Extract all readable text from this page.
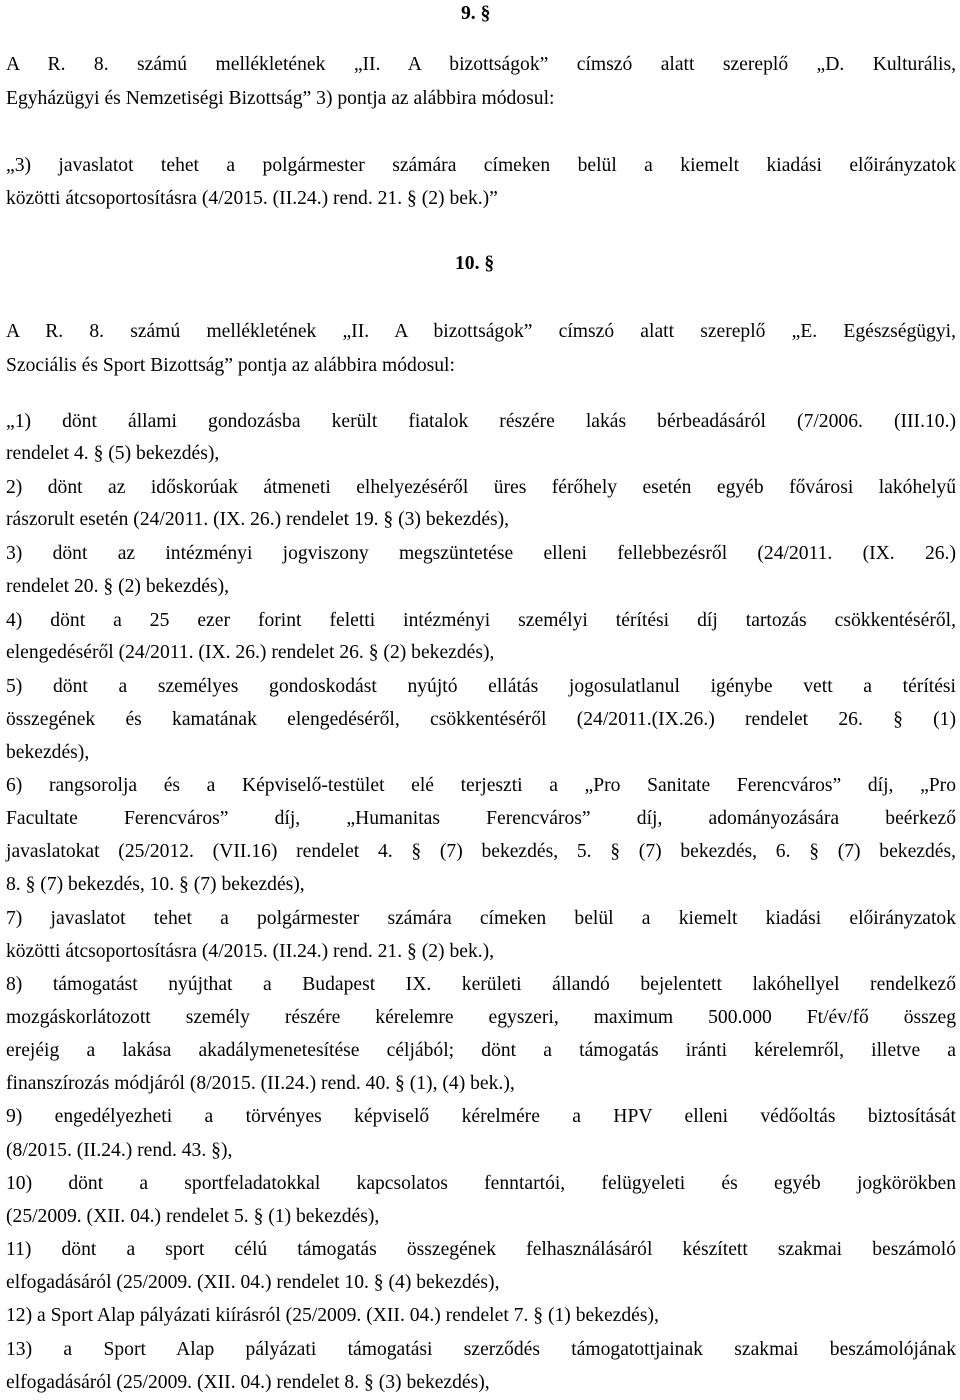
9. §
A R. 8. számú mellékletének „II. A bizottságok” címszó alatt szereplő „D. Kulturális,
Egyházügyi és Nemzetiségi Bizottság” 3) pontja az alábbira módosul:
„3) javaslatot tehet a polgármester számára címeken belül a kiemelt kiadási előirányzatok
közötti átcsoportosításra (4/2015. (II.24.) rend. 21. § (2) bek.)”
10. §
A R. 8. számú mellékletének „II. A bizottságok” címszó alatt szereplő „E. Egészségügyi,
Szociális és Sport Bizottság” pontja az alábbira módosul:
„1) dönt állami gondozásba került fiatalok részére lakás bérbeadásáról (7/2006. (III.10.)
rendelet 4. § (5) bekezdés),
2) dönt az időskorúak átmeneti elhelyezéséről üres férőhely esetén egyéb fővárosi lakóhelyű
rászorult esetén (24/2011. (IX. 26.) rendelet 19. § (3) bekezdés),
3) dönt az intézményi jogviszony megszüntetése elleni fellebbezésről (24/2011. (IX. 26.)
rendelet 20. § (2) bekezdés),
4) dönt a 25 ezer forint feletti intézményi személyi térítési díj tartozás csökkentéséről,
elengedéséről (24/2011. (IX. 26.) rendelet 26. § (2) bekezdés),
5) dönt a személyes gondoskodást nyújtó ellátás jogosulatlanul igénybe vett a térítési
összegének és kamatának elengedéséről, csökkentéséről (24/2011.(IX.26.) rendelet 26. § (1)
bekezdés),
6) rangsorolja és a Képviselő-testület elé terjeszti a „Pro Sanitate Ferencváros” díj, „Pro
Facultate Ferencváros” díj, „Humanitas Ferencváros” díj, adományozására beérkező
javaslatokat (25/2012. (VII.16) rendelet 4. § (7) bekezdés, 5. § (7) bekezdés, 6. § (7) bekezdés,
8. § (7) bekezdés, 10. § (7) bekezdés),
7) javaslatot tehet a polgármester számára címeken belül a kiemelt kiadási előirányzatok
közötti átcsoportosításra (4/2015. (II.24.) rend. 21. § (2) bek.),
8) támogatást nyújthat a Budapest IX. kerületi állandó bejelentett lakóhellyel rendelkező
mozgáskorlátozott személy részére kérelemre egyszeri, maximum 500.000 Ft/év/fő összeg
erejéig a lakása akadálymenetesítése céljából; dönt a támogatás iránti kérelemről, illetve a
finanszírozás módjáról (8/2015. (II.24.) rend. 40. § (1), (4) bek.),
9) engedélyezheti a törvényes képviselő kérelmére a HPV elleni védőoltás biztosítását
(8/2015. (II.24.) rend. 43. §),
10) dönt a sportfeladatokkal kapcsolatos fenntartói, felügyeleti és egyéb jogkörökben
(25/2009. (XII. 04.) rendelet 5. § (1) bekezdés),
11) dönt a sport célú támogatás összegének felhasználásáról készített szakmai beszámoló
elfogadásáról (25/2009. (XII. 04.) rendelet 10. § (4) bekezdés),
12) a Sport Alap pályázati kiírásról (25/2009. (XII. 04.) rendelet 7. § (1) bekezdés),
13) a Sport Alap pályázati támogatási szerződés támogatottjainak szakmai beszámolójának
elfogadásáról (25/2009. (XII. 04.) rendelet 8. § (3) bekezdés),
